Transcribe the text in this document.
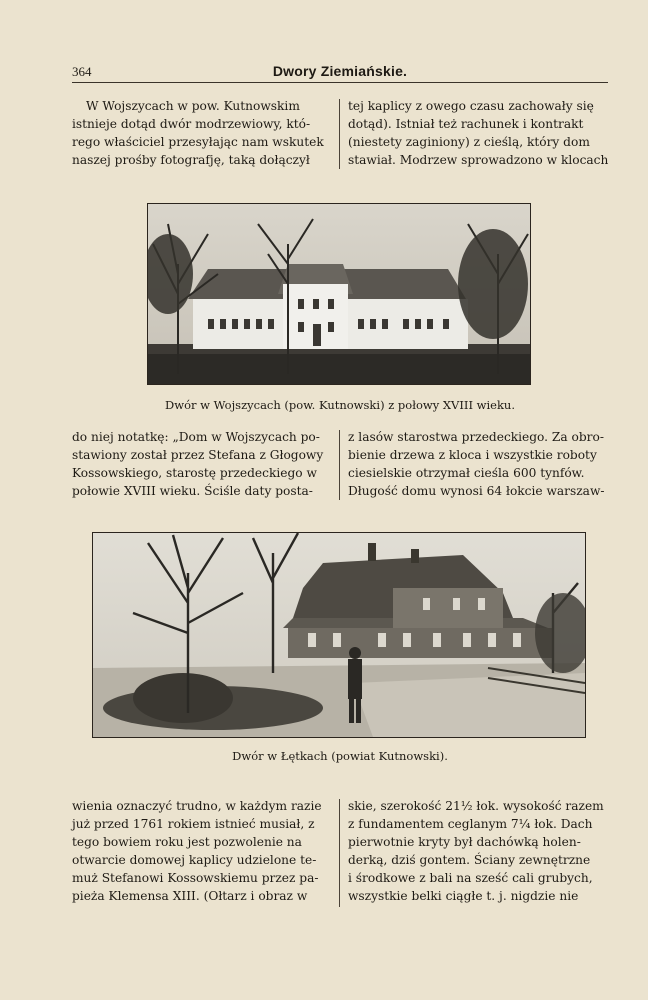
364	Dwory Ziemiańskie.
W Wojszycach w pow. Kutnowskim
istnieje dotąd dwór modrzewiowy, któ-
rego właściciel przesyłając nam wskutek
naszej prośby fotografję, taką dołączył
tej kaplicy z owego czasu zachowały się
dotąd). Istniał też rachunek i kontrakt
(niestety zaginiony) z cieślą, który dom
stawiał. Modrzew sprowadzono w klocach
Dwór w Wojszycach (pow. Kutnowski) z połowy XVIII wieku.
do niej notatkę: „Dom w Wojszycach po-
stawiony został przez Stefana z Głogowy
Kossowskiego, starostę przedeckiego w
połowie XVIII wieku. Ściśle daty posta-
z lasów starostwa przedeckiego. Za obro-
bienie drzewa z kloca i wszystkie roboty
ciesielskie otrzymał cieśla 600 tynfów.
Długość domu wynosi 64 łokcie warszaw-
Dwór w Łętkach (powiat Kutnowski).
wienia oznaczyć trudno, w każdym razie
już przed 1761 rokiem istnieć musiał, z
tego bowiem roku jest pozwolenie na
otwarcie domowej kaplicy udzielone te-
muż Stefanowi Kossowskiemu przez pa-
pieża Klemensa XIII. (Ołtarz i obraz w
skie, szerokość 21½ łok. wysokość razem
z fundamentem ceglanym 7¼ łok. Dach
pierwotnie kryty był dachówką holen-
derką, dziś gontem. Ściany zewnętrzne
i środkowe z bali na sześć cali grubych,
wszystkie belki ciągłe t. j. nigdzie nie
